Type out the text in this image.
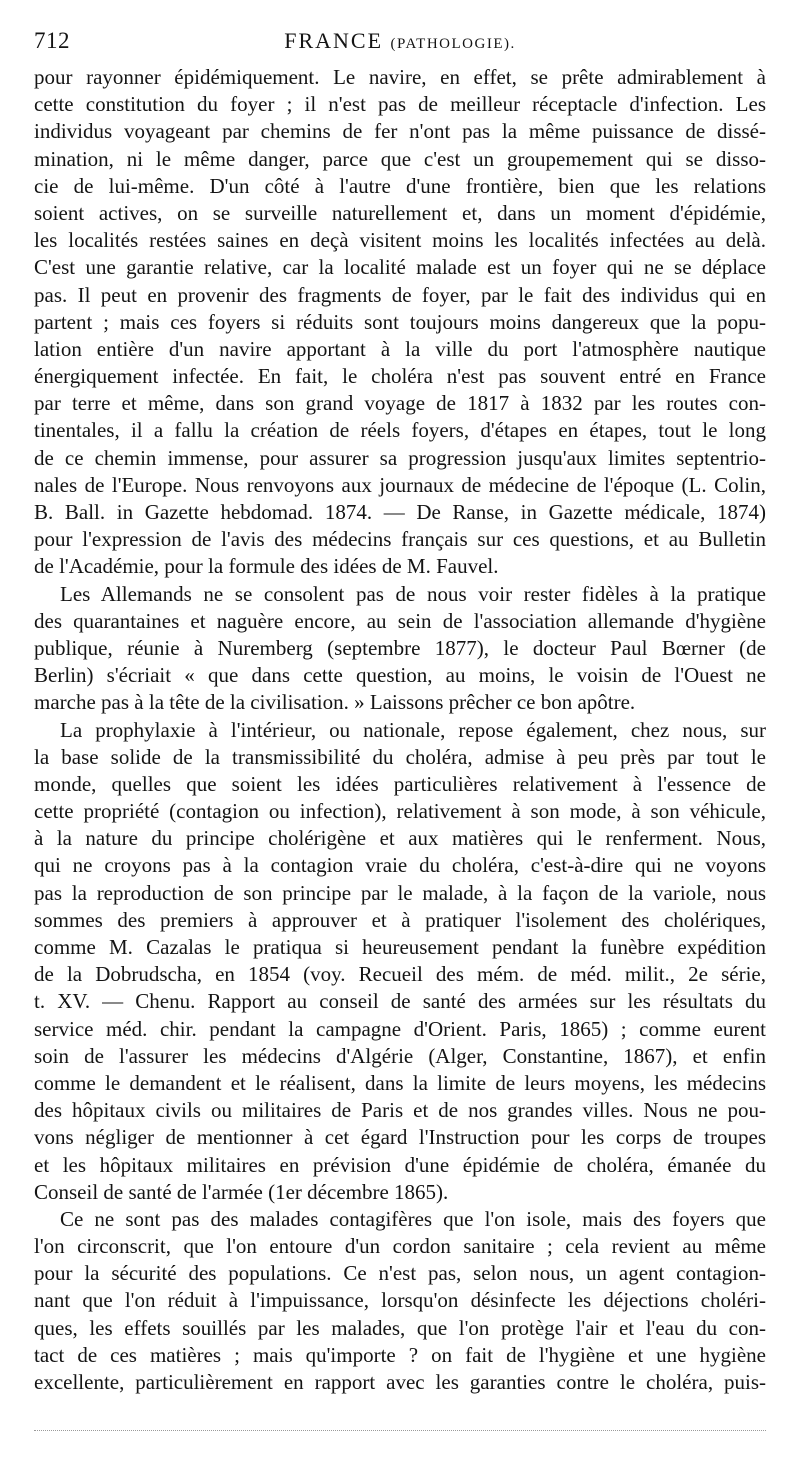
712	FRANCE (PATHOLOGIE).
pour rayonner épidémiquement. Le navire, en effet, se prête admirablement à
cette constitution du foyer ; il n'est pas de meilleur réceptacle d'infection. Les
individus voyageant par chemins de fer n'ont pas la même puissance de dissé-
mination, ni le même danger, parce que c'est un groupemement qui se disso-
cie de lui-même. D'un côté à l'autre d'une frontière, bien que les relations
soient actives, on se surveille naturellement et, dans un moment d'épidémie,
les localités restées saines en deçà visitent moins les localités infectées au delà.
C'est une garantie relative, car la localité malade est un foyer qui ne se déplace
pas. Il peut en provenir des fragments de foyer, par le fait des individus qui en
partent ; mais ces foyers si réduits sont toujours moins dangereux que la popu-
lation entière d'un navire apportant à la ville du port l'atmosphère nautique
énergiquement infectée. En fait, le choléra n'est pas souvent entré en France
par terre et même, dans son grand voyage de 1817 à 1832 par les routes con-
tinentales, il a fallu la création de réels foyers, d'étapes en étapes, tout le long
de ce chemin immense, pour assurer sa progression jusqu'aux limites septentrio-
nales de l'Europe. Nous renvoyons aux journaux de médecine de l'époque (L. Colin,
B. Ball. in Gazette hebdomad. 1874. — De Ranse, in Gazette médicale, 1874)
pour l'expression de l'avis des médecins français sur ces questions, et au Bulletin
de l'Académie, pour la formule des idées de M. Fauvel.
Les Allemands ne se consolent pas de nous voir rester fidèles à la pratique
des quarantaines et naguère encore, au sein de l'association allemande d'hygiène
publique, réunie à Nuremberg (septembre 1877), le docteur Paul Bœrner (de
Berlin) s'écriait « que dans cette question, au moins, le voisin de l'Ouest ne
marche pas à la tête de la civilisation. » Laissons prêcher ce bon apôtre.
La prophylaxie à l'intérieur, ou nationale, repose également, chez nous, sur
la base solide de la transmissibilité du choléra, admise à peu près par tout le
monde, quelles que soient les idées particulières relativement à l'essence de
cette propriété (contagion ou infection), relativement à son mode, à son véhicule,
à la nature du principe cholérigène et aux matières qui le renferment. Nous,
qui ne croyons pas à la contagion vraie du choléra, c'est-à-dire qui ne voyons
pas la reproduction de son principe par le malade, à la façon de la variole, nous
sommes des premiers à approuver et à pratiquer l'isolement des cholériques,
comme M. Cazalas le pratiqua si heureusement pendant la funèbre expédition
de la Dobrudscha, en 1854 (voy. Recueil des mém. de méd. milit., 2e série,
t. XV. — Chenu. Rapport au conseil de santé des armées sur les résultats du
service méd. chir. pendant la campagne d'Orient. Paris, 1865) ; comme eurent
soin de l'assurer les médecins d'Algérie (Alger, Constantine, 1867), et enfin
comme le demandent et le réalisent, dans la limite de leurs moyens, les médecins
des hôpitaux civils ou militaires de Paris et de nos grandes villes. Nous ne pou-
vons négliger de mentionner à cet égard l'Instruction pour les corps de troupes
et les hôpitaux militaires en prévision d'une épidémie de choléra, émanée du
Conseil de santé de l'armée (1er décembre 1865).
Ce ne sont pas des malades contagifères que l'on isole, mais des foyers que
l'on circonscrit, que l'on entoure d'un cordon sanitaire ; cela revient au même
pour la sécurité des populations. Ce n'est pas, selon nous, un agent contagion-
nant que l'on réduit à l'impuissance, lorsqu'on désinfecte les déjections choléri-
ques, les effets souillés par les malades, que l'on protège l'air et l'eau du con-
tact de ces matières ; mais qu'importe ? on fait de l'hygiène et une hygiène
excellente, particulièrement en rapport avec les garanties contre le choléra, puis-
